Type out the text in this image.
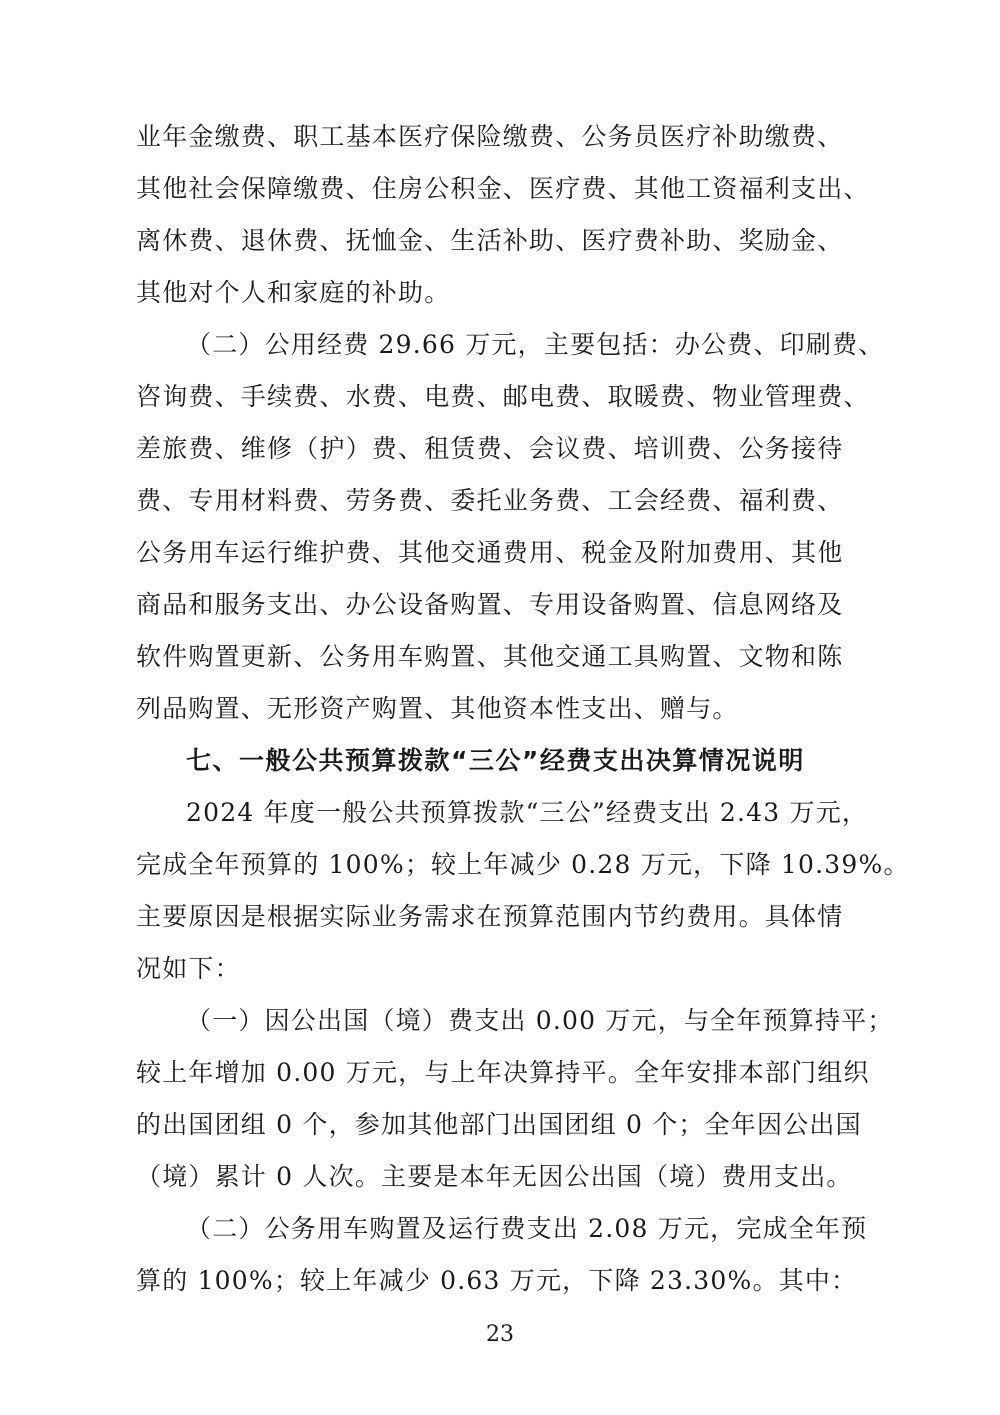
业年金缴费、职工基本医疗保险缴费、公务员医疗补助缴费、
其他社会保障缴费、住房公积金、医疗费、其他工资福利支出、
离休费、退休费、抚恤金、生活补助、医疗费补助、奖励金、
其他对个人和家庭的补助。
（二）公用经费 29.66 万元，主要包括：办公费、印刷费、
咨询费、手续费、水费、电费、邮电费、取暖费、物业管理费、
差旅费、维修（护）费、租赁费、会议费、培训费、公务接待
费、专用材料费、劳务费、委托业务费、工会经费、福利费、
公务用车运行维护费、其他交通费用、税金及附加费用、其他
商品和服务支出、办公设备购置、专用设备购置、信息网络及
软件购置更新、公务用车购置、其他交通工具购置、文物和陈
列品购置、无形资产购置、其他资本性支出、赠与。
七、一般公共预算拨款“三公”经费支出决算情况说明
2024 年度一般公共预算拨款“三公”经费支出 2.43 万元，
完成全年预算的 100%；较上年减少 0.28 万元，下降 10.39%。
主要原因是根据实际业务需求在预算范围内节约费用。具体情
况如下：
（一）因公出国（境）费支出 0.00 万元，与全年预算持平；
较上年增加 0.00 万元，与上年决算持平。全年安排本部门组织
的出国团组 0 个，参加其他部门出国团组 0 个；全年因公出国
（境）累计 0 人次。主要是本年无因公出国（境）费用支出。
（二）公务用车购置及运行费支出 2.08 万元，完成全年预
算的 100%；较上年减少 0.63 万元，下降 23.30%。其中：
23
